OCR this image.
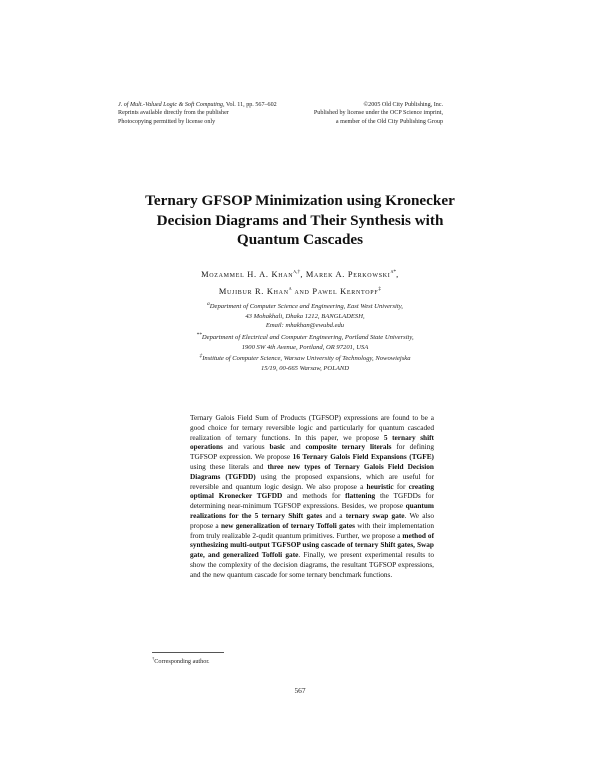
J. of Mult.-Valued Logic & Soft Computing, Vol. 11, pp. 567–602
Reprints available directly from the publisher
Photocopying permitted by license only
©2005 Old City Publishing, Inc.
Published by license under the OCP Science imprint,
a member of the Old City Publishing Group
Ternary GFSOP Minimization using Kronecker
Decision Diagrams and Their Synthesis with
Quantum Cascades
Mozammel H. A. Khan$^{a,\dagger}$, Marek A. Perkowski$^{a*}$,
Mujibur R. Khan$^a$ and Pawel Kerntopf‡
$^a$Department of Computer Science and Engineering, East West University,
43 Mohakhali, Dhaka 1212, BANGLADESH,
Email: mhakhan@ewubd.edu
**Department of Electrical and Computer Engineering, Portland State University,
1900 SW 4th Avenue, Portland, OR 97201, USA
‡Institute of Computer Science, Warsaw University of Technology, Nowowiejska
15/19, 00-665 Warsaw, POLAND
Ternary Galois Field Sum of Products (TGFSOP) expressions are found to be a good choice for ternary reversible logic and particularly for quantum cascaded realization of ternary functions. In this paper, we propose 5 ternary shift operations and various basic and composite ternary literals for defining TGFSOP expression. We propose 16 Ternary Galois Field Expansions (TGFE) using these literals and three new types of Ternary Galois Field Decision Diagrams (TGFDD) using the proposed expansions, which are useful for reversible and quantum logic design. We also propose a heuristic for creating optimal Kronecker TGFDD and methods for flattening the TGFDDs for determining near-minimum TGFSOP expressions. Besides, we propose quantum realizations for the 5 ternary Shift gates and a ternary swap gate. We also propose a new generalization of ternary Toffoli gates with their implementation from truly realizable 2-qudit quantum primitives. Further, we propose a method of synthesizing multi-output TGFSOP using cascade of ternary Shift gates, Swap gate, and generalized Toffoli gate. Finally, we present experimental results to show the complexity of the decision diagrams, the resultant TGFSOP expressions, and the new quantum cascade for some ternary benchmark functions.
†Corresponding author.
567
